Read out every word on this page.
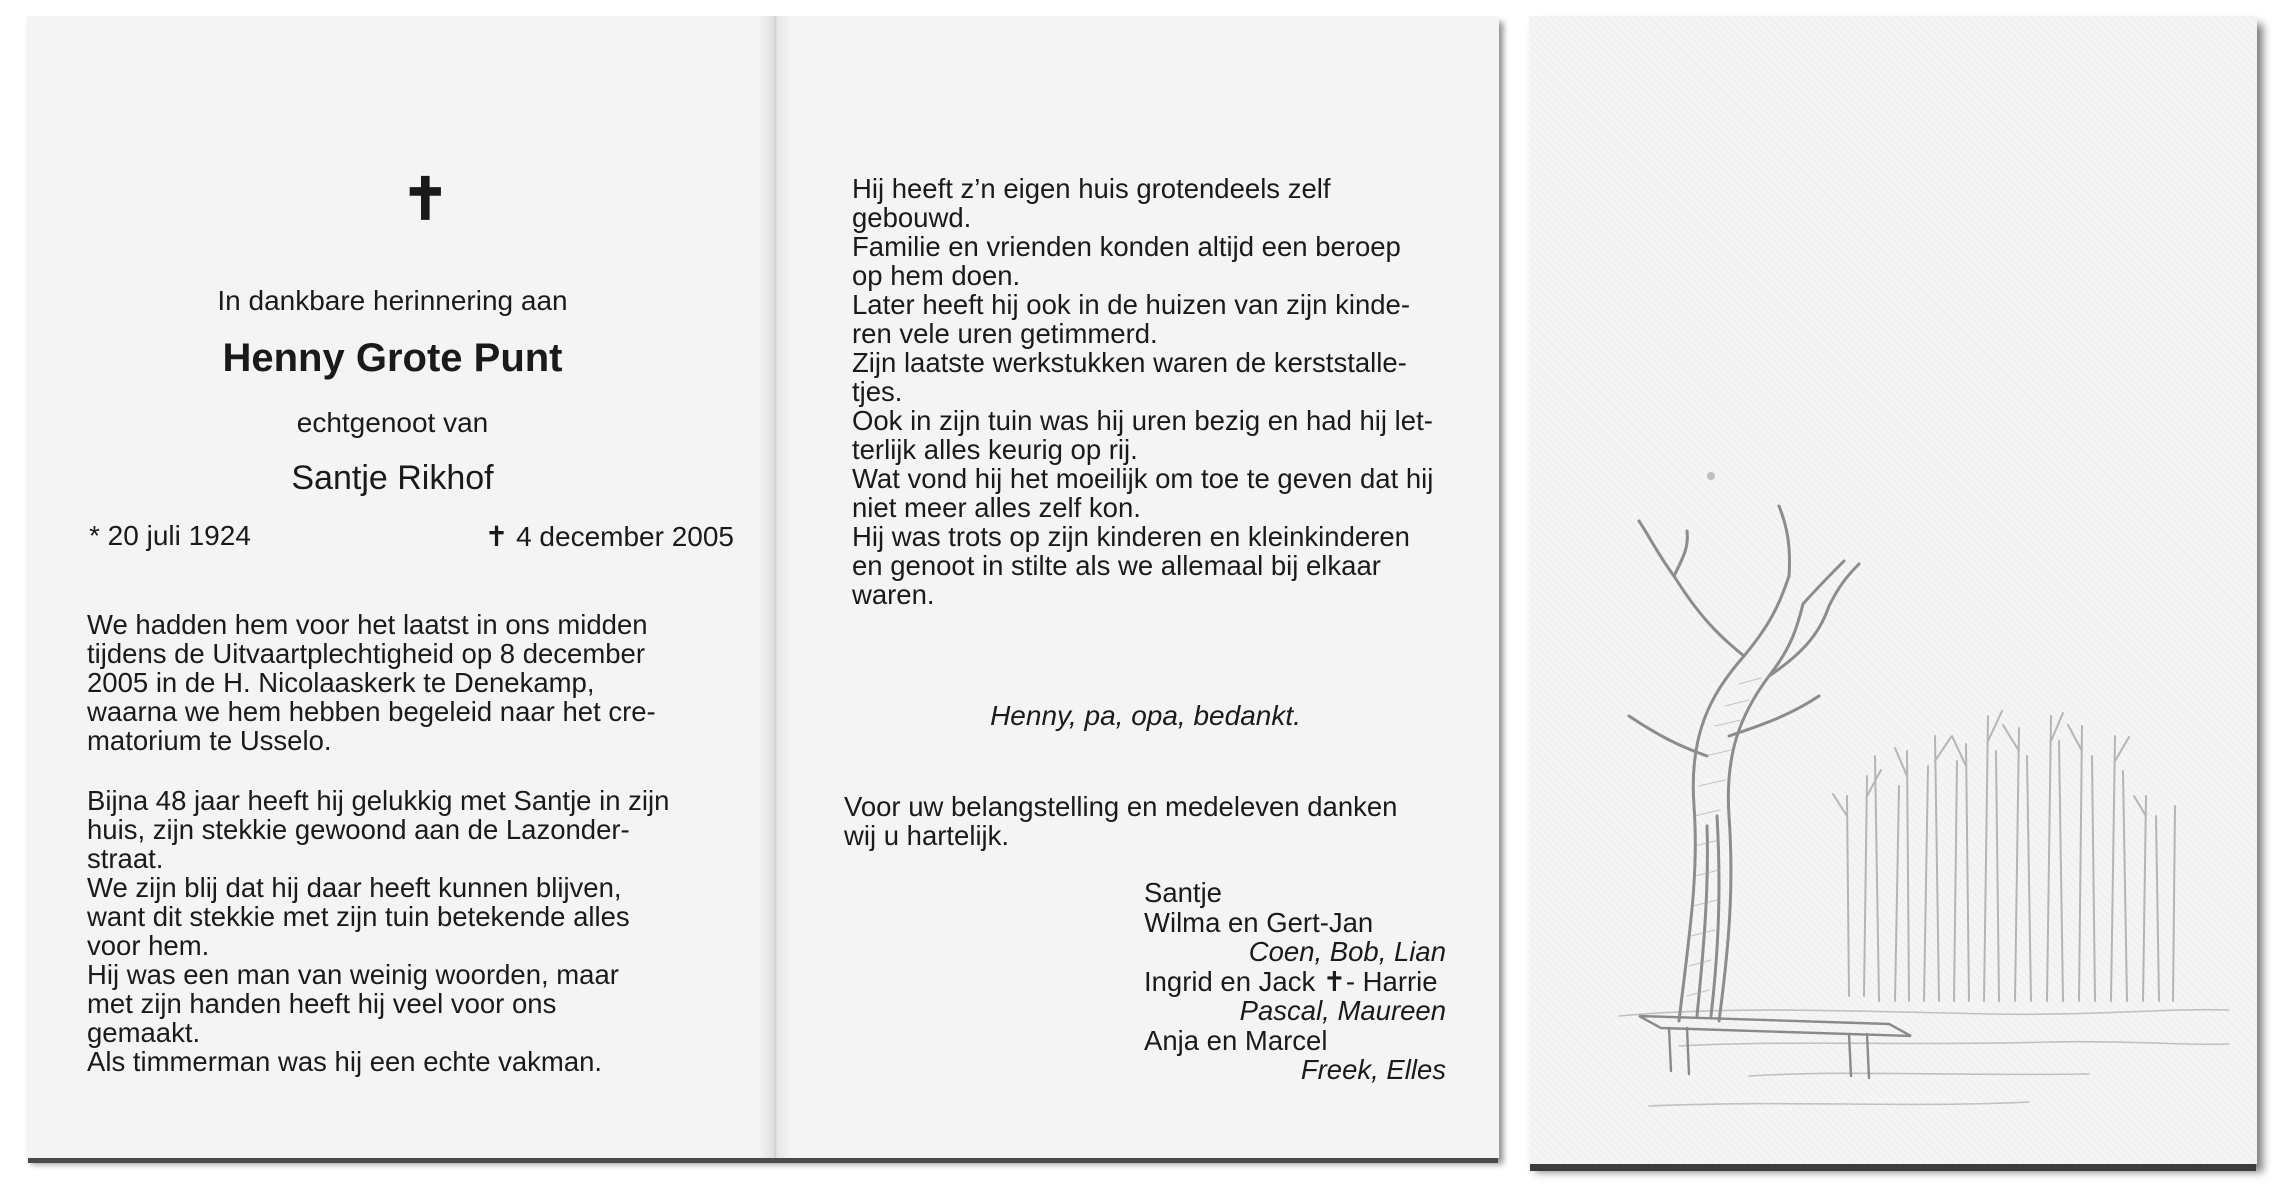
✝
In dankbare herinnering aan
Henny Grote Punt
echtgenoot van
Santje Rikhof
* 20 juli 1924	✝ 4 december 2005

We hadden hem voor het laatst in ons midden
tijdens de Uitvaartplechtigheid op 8 december
2005 in de H. Nicolaaskerk te Denekamp,
waarna we hem hebben begeleid naar het cre-
matorium te Usselo.

Bijna 48 jaar heeft hij gelukkig met Santje in zijn
huis, zijn stekkie gewoond aan de Lazonder-
straat.
We zijn blij dat hij daar heeft kunnen blijven,
want dit stekkie met zijn tuin betekende alles
voor hem.
Hij was een man van weinig woorden, maar
met zijn handen heeft hij veel voor ons
gemaakt.
Als timmerman was hij een echte vakman.

Hij heeft z’n eigen huis grotendeels zelf
gebouwd.
Familie en vrienden konden altijd een beroep
op hem doen.
Later heeft hij ook in de huizen van zijn kinde-
ren vele uren getimmerd.
Zijn laatste werkstukken waren de kerststalle-
tjes.
Ook in zijn tuin was hij uren bezig en had hij let-
terlijk alles keurig op rij.
Wat vond hij het moeilijk om toe te geven dat hij
niet meer alles zelf kon.
Hij was trots op zijn kinderen en kleinkinderen
en genoot in stilte als we allemaal bij elkaar
waren.

Henny, pa, opa, bedankt.

Voor uw belangstelling en medeleven danken
wij u hartelijk.

Santje
Wilma en Gert-Jan
Coen, Bob, Lian
Ingrid en Jack ✝- Harrie
Pascal, Maureen
Anja en Marcel
Freek, Elles
